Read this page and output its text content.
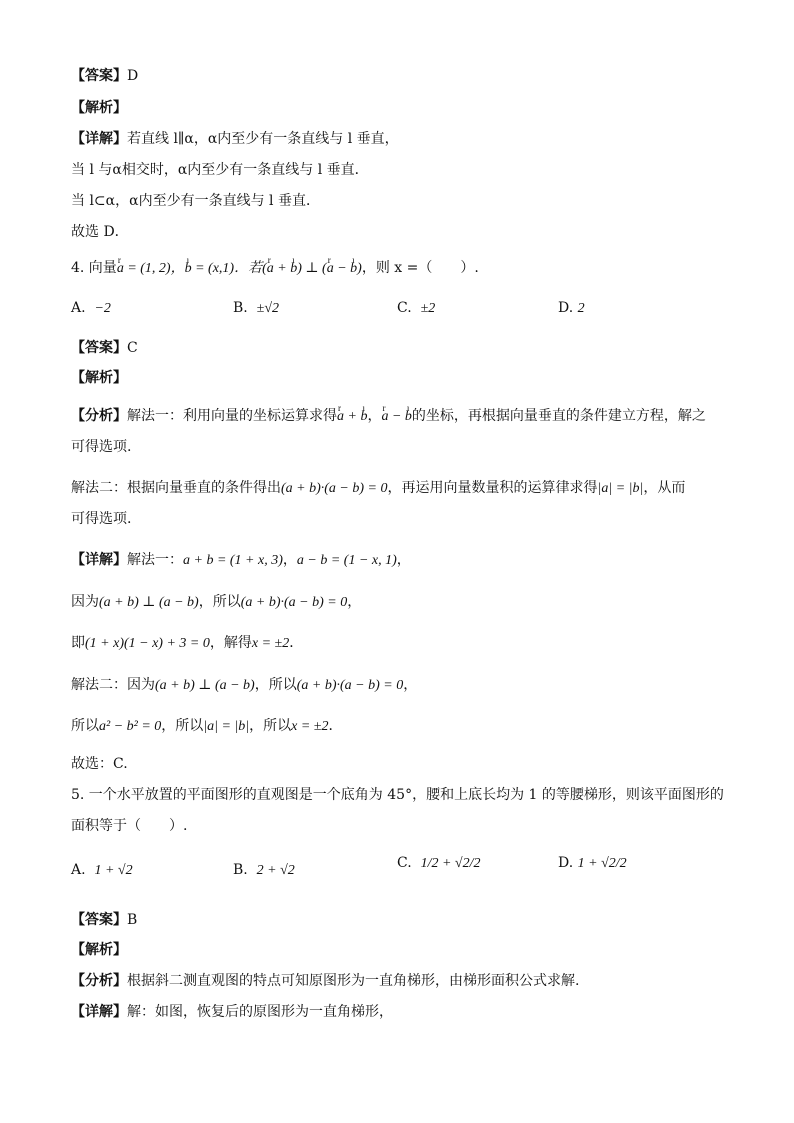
【答案】D
【解析】
【详解】若直线 l∥α，α内至少有一条直线与 l 垂直，
当 l 与α相交时，α内至少有一条直线与 l 垂直．
当 l⊂α，α内至少有一条直线与 l 垂直．
故选 D．
【答案】C
【解析】
可得选项.
可得选项.
故选：C.
5. 一个水平放置的平面图形的直观图是一个底角为 45°，腰和上底长均为 1 的等腰梯形，则该平面图形的
面积等于（　　）.
【答案】B
【解析】
【分析】根据斜二测直观图的特点可知原图形为一直角梯形，由梯形面积公式求解.
【详解】解：如图，恢复后的原图形为一直角梯形，
4. 向量r a = (1, 2)，ı b = (x,1)．若(r a + ı b) ⊥ (r a − ı b)，则 x =（　　）.
A. −2	B. ±√2	C. ±2	D. 2
【分析】解法一：利用向量的坐标运算求得r a + ı b，r a − ı b的坐标，再根据向量垂直的条件建立方程，解之
解法二：根据向量垂直的条件得出(a + b)·(a − b) = 0，再运用向量数量积的运算律求得|a| = |b|，从而
【详解】解法一：a + b = (1 + x, 3)，a − b = (1 − x, 1)，
因为(a + b) ⊥ (a − b)，所以(a + b)·(a − b) = 0，
即(1 + x)(1 − x) + 3 = 0，解得x = ±2．
解法二：因为(a + b) ⊥ (a − b)，所以(a + b)·(a − b) = 0，
所以a² − b² = 0，所以|a| = |b|，所以x = ±2．
A. 1 + √2	B. 2 + √2	C. 1/2 + √2/2	D. 1 + √2/2
